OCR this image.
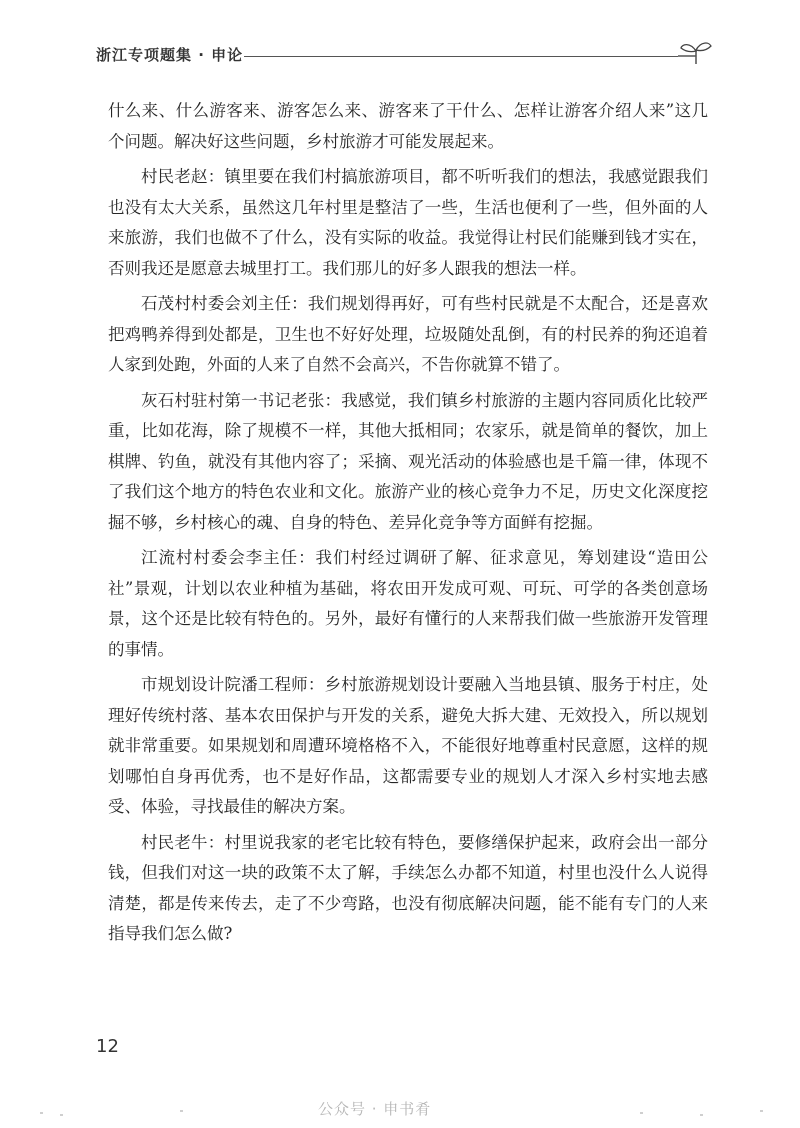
浙江专项题集 · 申论

什么来、什么游客来、游客怎么来、游客来了干什么、怎样让游客介绍人来”这几个问题。解决好这些问题，乡村旅游才可能发展起来。

村民老赵：镇里要在我们村搞旅游项目，都不听听我们的想法，我感觉跟我们也没有太大关系，虽然这几年村里是整洁了一些，生活也便利了一些，但外面的人来旅游，我们也做不了什么，没有实际的收益。我觉得让村民们能赚到钱才实在，否则我还是愿意去城里打工。我们那儿的好多人跟我的想法一样。

石茂村村委会刘主任：我们规划得再好，可有些村民就是不太配合，还是喜欢把鸡鸭养得到处都是，卫生也不好好处理，垃圾随处乱倒，有的村民养的狗还追着人家到处跑，外面的人来了自然不会高兴，不告你就算不错了。

灰石村驻村第一书记老张：我感觉，我们镇乡村旅游的主题内容同质化比较严重，比如花海，除了规模不一样，其他大抵相同；农家乐，就是简单的餐饮，加上棋牌、钓鱼，就没有其他内容了；采摘、观光活动的体验感也是千篇一律，体现不了我们这个地方的特色农业和文化。旅游产业的核心竞争力不足，历史文化深度挖掘不够，乡村核心的魂、自身的特色、差异化竞争等方面鲜有挖掘。

江流村村委会李主任：我们村经过调研了解、征求意见，筹划建设“造田公社”景观，计划以农业种植为基础，将农田开发成可观、可玩、可学的各类创意场景，这个还是比较有特色的。另外，最好有懂行的人来帮我们做一些旅游开发管理的事情。

市规划设计院潘工程师：乡村旅游规划设计要融入当地县镇、服务于村庄，处理好传统村落、基本农田保护与开发的关系，避免大拆大建、无效投入，所以规划就非常重要。如果规划和周遭环境格格不入，不能很好地尊重村民意愿，这样的规划哪怕自身再优秀，也不是好作品，这都需要专业的规划人才深入乡村实地去感受、体验，寻找最佳的解决方案。

村民老牛：村里说我家的老宅比较有特色，要修缮保护起来，政府会出一部分钱，但我们对这一块的政策不太了解，手续怎么办都不知道，村里也没什么人说得清楚，都是传来传去，走了不少弯路，也没有彻底解决问题，能不能有专门的人来指导我们怎么做?

12
公众号 · 申书肴
